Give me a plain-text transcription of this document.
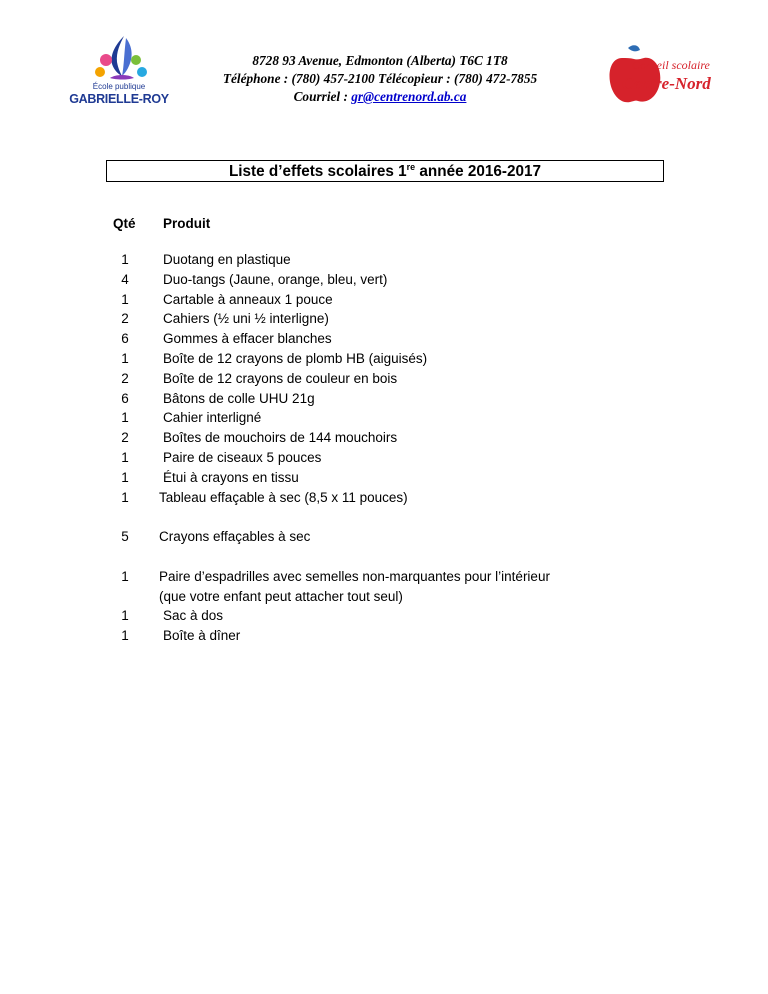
École publique
GABRIELLE-ROY
8728 93 Avenue, Edmonton (Alberta) T6C 1T8
Téléphone : (780) 457-2100 Télécopieur : (780) 472-7855
Courriel : gr@centrenord.ab.ca
Conseil scolaire
Centre-Nord
Liste d’effets scolaires 1re année 2016-2017
Qté Produit
1	Duotang en plastique
4	Duo-tangs (Jaune, orange, bleu, vert)
1	Cartable à anneaux 1 pouce
2	Cahiers (½ uni ½ interligne)
6	Gommes à effacer blanches
1	Boîte de 12 crayons de plomb HB (aiguisés)
2	Boîte de 12 crayons de couleur en bois
6	Bâtons de colle UHU 21g
1	Cahier interligné
2	Boîtes de mouchoirs de 144 mouchoirs
1	Paire de ciseaux 5 pouces
1	Étui à crayons en tissu
1 Tableau effaçable à sec (8,5 x 11 pouces)
5 Crayons effaçables à sec
1 Paire d’espadrilles avec semelles non-marquantes pour l’intérieur
(que votre enfant peut attacher tout seul)
1	Sac à dos
1	Boîte à dîner
